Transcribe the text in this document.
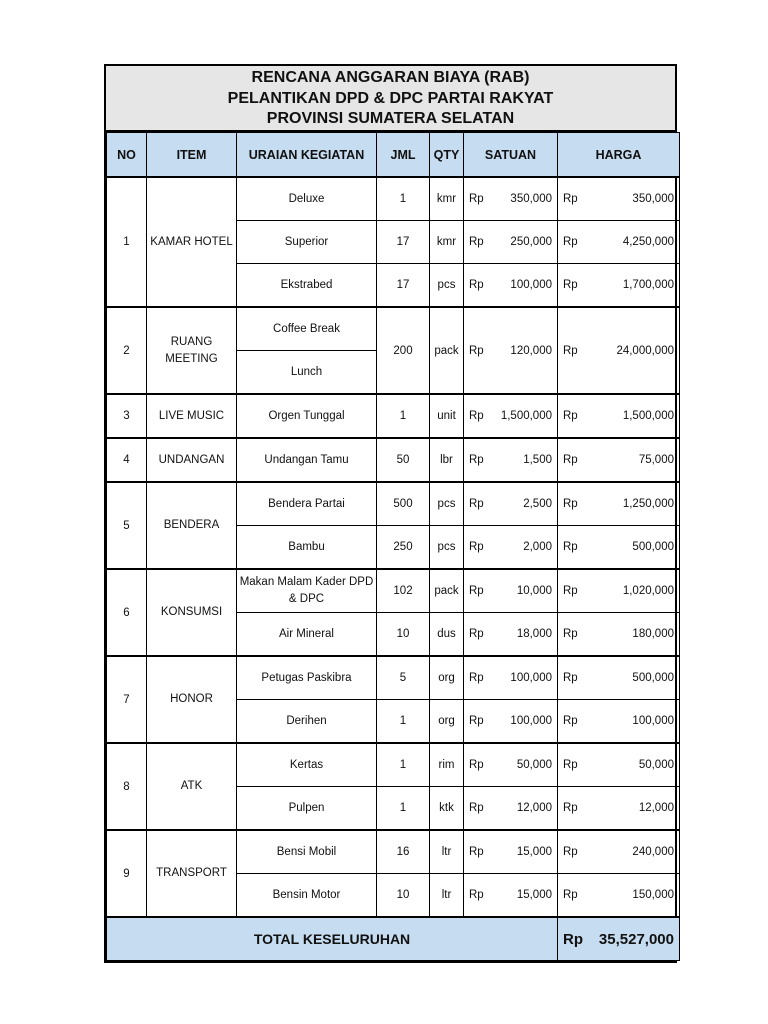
RENCANA ANGGARAN BIAYA (RAB)
PELANTIKAN DPD & DPC PARTAI RAKYAT
PROVINSI SUMATERA SELATAN
NO	ITEM	URAIAN KEGIATAN	JML	QTY	SATUAN	HARGA
1	KAMAR HOTEL	Deluxe	1	kmr	Rp 350,000	Rp 350,000

		Superior	17	kmr	Rp 250,000	Rp 4,250,000

		Ekstrabed	17	pcs	Rp 100,000	Rp 1,700,000

2	RUANG MEETING	Coffee Break	200	pack	Rp 120,000	Rp 24,000,000

		Lunch				
3	LIVE MUSIC	Orgen Tunggal	1	unit	Rp 1,500,000	Rp 1,500,000

4	UNDANGAN	Undangan Tamu	50	lbr	Rp 1,500	Rp 75,000

5	BENDERA	Bendera Partai	500	pcs	Rp 2,500	Rp 1,250,000

		Bambu	250	pcs	Rp 2,000	Rp 500,000

6	KONSUMSI	Makan Malam Kader DPD & DPC	102	pack	Rp 10,000	Rp 1,020,000

		Air Mineral	10	dus	Rp 18,000	Rp 180,000

7	HONOR	Petugas Paskibra	5	org	Rp 100,000	Rp 500,000

		Derihen	1	org	Rp 100,000	Rp 100,000

8	ATK	Kertas	1	rim	Rp 50,000	Rp 50,000

		Pulpen	1	ktk	Rp 12,000	Rp 12,000

9	TRANSPORT	Bensi Mobil	16	ltr	Rp 15,000	Rp 240,000

		Bensin Motor	10	ltr	Rp 15,000	Rp 150,000

TOTAL KESELURUHAN						Rp 35,527,000
